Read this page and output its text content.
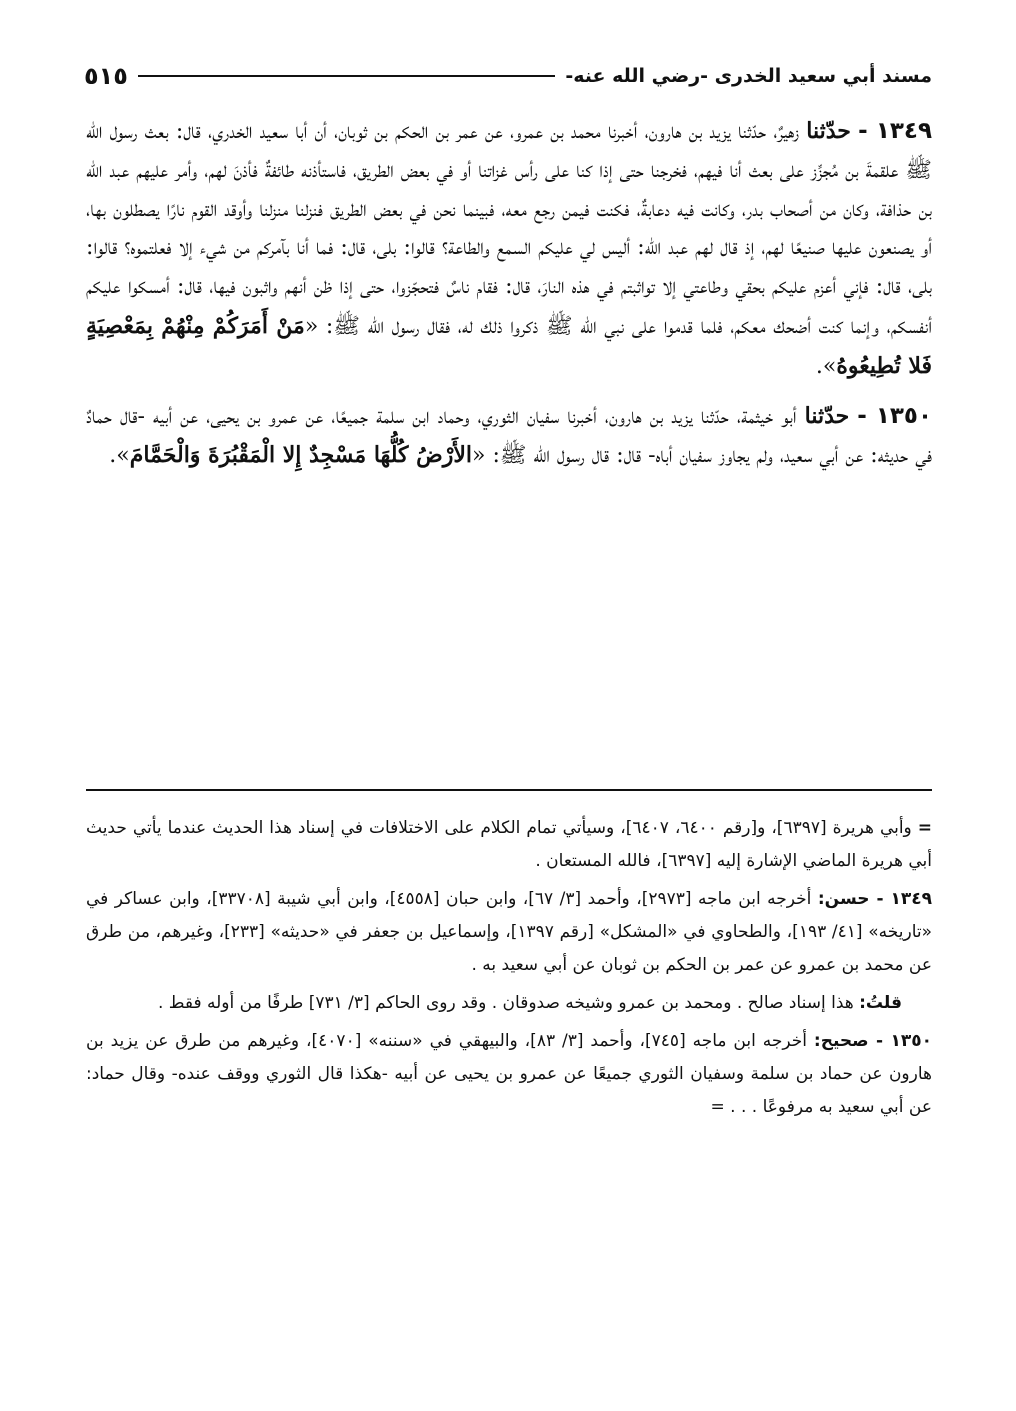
مسند أبي سعيد الخدرى -رضي الله عنه-
٥١٥

١٣٤٩ - حدّثنا زهيرٌ، حدّثنا يزيد بن هارون، أخبرنا محمد بن عمرو، عن عمر بن الحكم بن ثوبان، أن أبا سعيد الخدري، قال: بعث رسول الله ﷺ علقمةَ بن مُجزِّز على بعث أنا فيهم، فخرجنا حتى إذا كنا على رأس غزاتنا أو في بعض الطريق، فاستأذنه طائفةٌ فأذنَ لهم، وأمر عليهم عبد الله بن حذافة، وكان من أصحاب بدر، وكانت فيه دعابةٌ، فكنت فيمن رجع معه، فبينما نحن في بعض الطريق فنزلنا منزلنا وأوقد القوم نارًا يصطلون بها، أو يصنعون عليها صنيعًا لهم، إذ قال لهم عبد الله: أليس لي عليكم السمع والطاعة؟ قالوا: بلى، قال: فما أنا بآمركم من شيء إلا فعلتموه؟ قالوا: بلى، قال: فإني أعزم عليكم بحقي وطاعتي إلا تواثبتم في هذه النارَ، قال: فقام ناسٌ فتحجّزوا، حتى إذا ظن أنهم واثبون فيها، قال: أمسكوا عليكم أنفسكم، وإنما كنت أضحك معكم، فلما قدموا على نبي الله ﷺ ذكروا ذلك له، فقال رسول الله ﷺ: «مَنْ أَمَرَكُمْ مِنْهُمْ بِمَعْصِيَةٍ فَلا تُطِيعُوهُ».

١٣٥٠ - حدّثنا أبو خيثمة، حدّثنا يزيد بن هارون، أخبرنا سفيان الثوري، وحماد ابن سلمة جميعًا، عن عمرو بن يحيى، عن أبيه -قال حمادٌ في حديثه: عن أبي سعيد، ولم يجاوز سفيان أباه- قال: قال رسول الله ﷺ: «الأَرْضُ كُلُّهَا مَسْجِدٌ إِلا الْمَقْبُرَةَ وَالْحَمَّامَ».

= وأبي هريرة [٦٣٩٧]، و[رقم ٦٤٠٠، ٦٤٠٧]، وسيأتي تمام الكلام على الاختلافات في إسناد هذا الحديث عندما يأتي حديث أبي هريرة الماضي الإشارة إليه [٦٣٩٧]، فالله المستعان .

١٣٤٩ - حسن: أخرجه ابن ماجه [٢٩٧٣]، وأحمد [٣/ ٦٧]، وابن حبان [٤٥٥٨]، وابن أبي شيبة [٣٣٧٠٨]، وابن عساكر في «تاريخه» [٤١/ ١٩٣]، والطحاوي في «المشكل» [رقم ١٣٩٧]، وإسماعيل بن جعفر في «حديثه» [٢٣٣]، وغيرهم، من طرق عن محمد بن عمرو عن عمر بن الحكم بن ثوبان عن أبي سعيد به .

قلتُ: هذا إسناد صالح . ومحمد بن عمرو وشيخه صدوقان . وقد روى الحاكم [٣/ ٧٣١] طرفًا من أوله فقط .

١٣٥٠ - صحيح: أخرجه ابن ماجه [٧٤٥]، وأحمد [٣/ ٨٣]، والبيهقي في «سننه» [٤٠٧٠]، وغيرهم من طرق عن يزيد بن هارون عن حماد بن سلمة وسفيان الثوري جميعًا عن عمرو بن يحيى عن أبيه -هكذا قال الثوري ووقف عنده- وقال حماد: عن أبي سعيد به مرفوعًا . . . =
